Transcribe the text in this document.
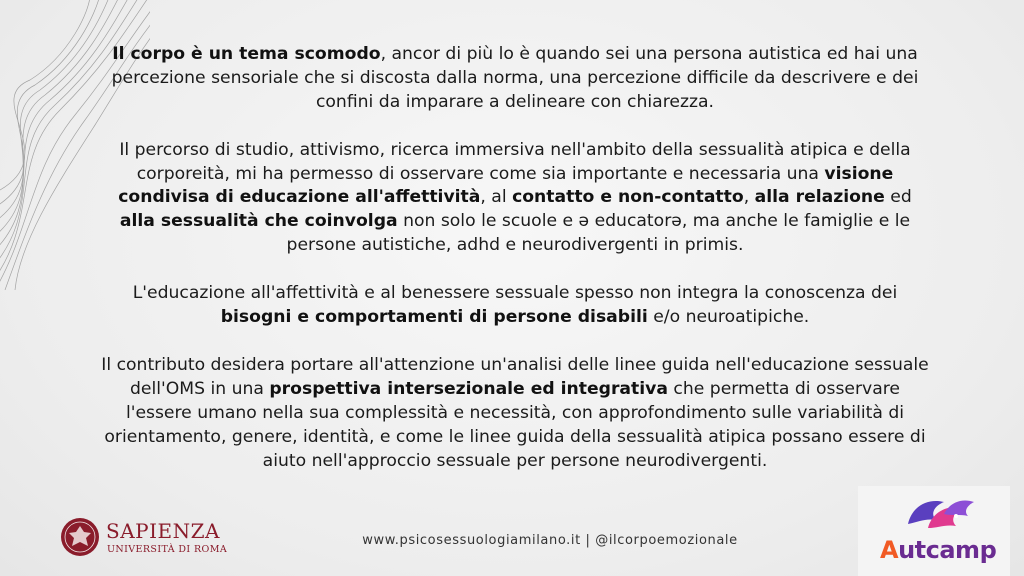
Il corpo è un tema scomodo, ancor di più lo è quando sei una persona autistica ed hai una percezione sensoriale che si discosta dalla norma, una percezione difficile da descrivere e dei confini da imparare a delineare con chiarezza.

Il percorso di studio, attivismo, ricerca immersiva nell'ambito della sessualità atipica e della corporeità, mi ha permesso di osservare come sia importante e necessaria una visione condivisa di educazione all'affettività, al contatto e non-contatto, alla relazione ed alla sessualità che coinvolga non solo le scuole e ə educatorə, ma anche le famiglie e le persone autistiche, adhd e neurodivergenti in primis.

L'educazione all'affettività e al benessere sessuale spesso non integra la conoscenza dei bisogni e comportamenti di persone disabili e/o neuroatipiche.

Il contributo desidera portare all'attenzione un'analisi delle linee guida nell'educazione sessuale dell'OMS in una prospettiva intersezionale ed integrativa che permetta di osservare l'essere umano nella sua complessità e necessità, con approfondimento sulle variabilità di orientamento, genere, identità, e come le linee guida della sessualità atipica possano essere di aiuto nell'approccio sessuale per persone neurodivergenti.

www.psicosessuologiamilano.it | @ilcorpoemozionale
SAPIENZA
UNIVERSITÀ DI ROMA	Autcamp
